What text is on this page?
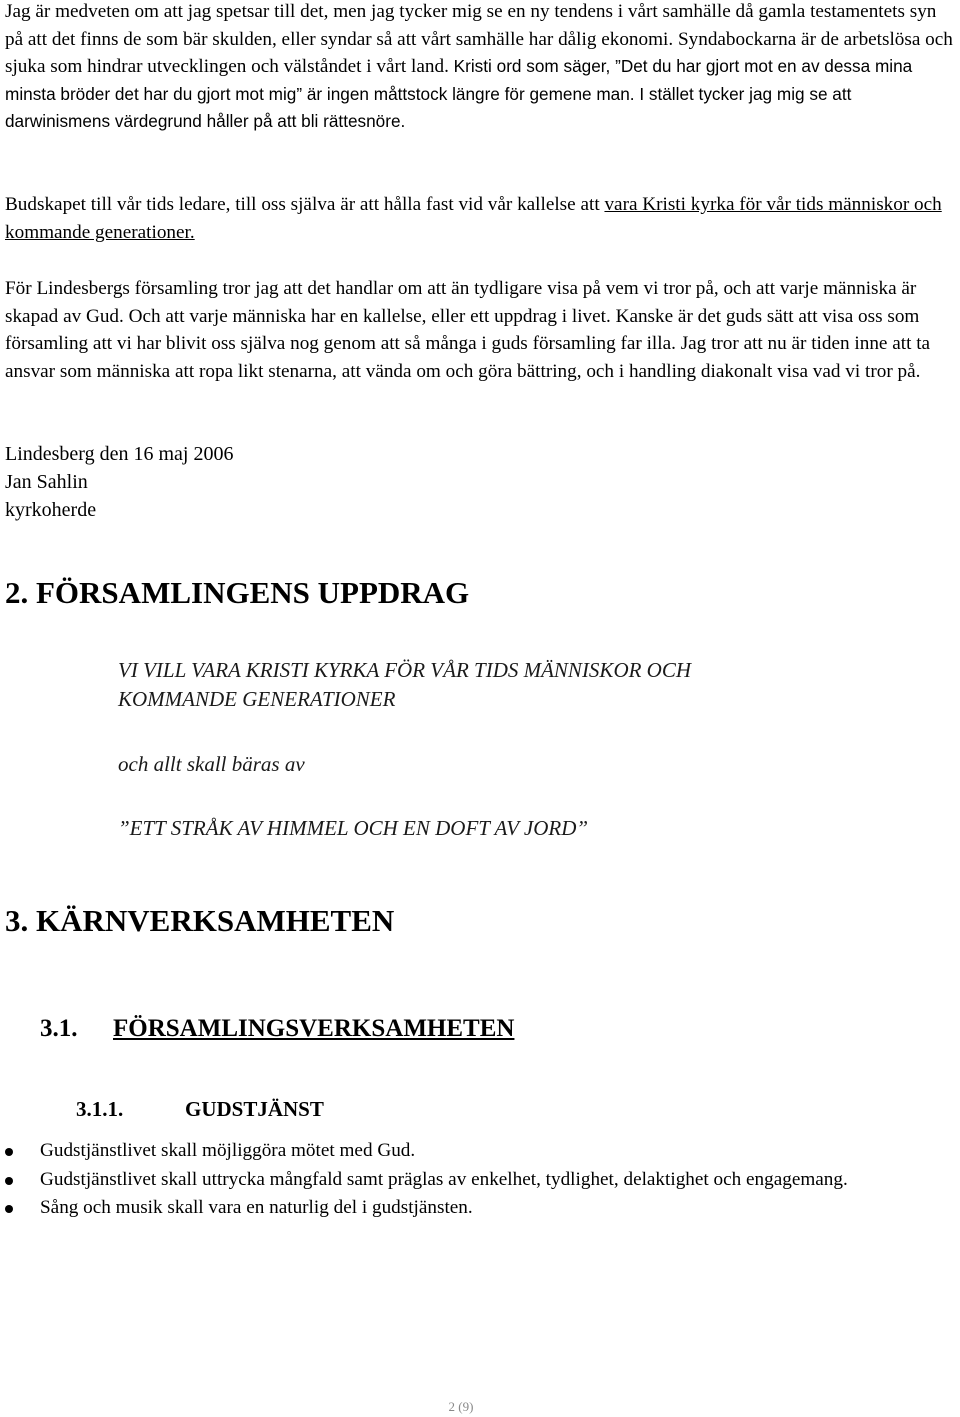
Jag är medveten om att jag spetsar till det, men jag tycker mig se en ny tendens i vårt samhälle då gamla testamentets syn på att det finns de som bär skulden, eller syndar så att vårt samhälle har dålig ekonomi. Syndabockarna är de arbetslösa och sjuka som hindrar utvecklingen och välståndet i vårt land. Kristi ord som säger, ”Det du har gjort mot en av dessa mina minsta bröder det har du gjort mot mig” är ingen måttstock längre för gemene man. I stället tycker jag mig se att darwinismens värdegrund håller på att bli rättesnöre.

Budskapet till vår tids ledare, till oss själva är att hålla fast vid vår kallelse att vara Kristi kyrka för vår tids människor och kommande generationer.

För Lindesbergs församling tror jag att det handlar om att än tydligare visa på vem vi tror på, och att varje människa är skapad av Gud. Och att varje människa har en kallelse, eller ett uppdrag i livet. Kanske är det guds sätt att visa oss som församling att vi har blivit oss själva nog genom att så många i guds församling far illa. Jag tror att nu är tiden inne att ta ansvar som människa att ropa likt stenarna, att vända om och göra bättring, och i handling diakonalt visa vad vi tror på.

Lindesberg den 16 maj 2006

Jan Sahlin

kyrkoherde

2. FÖRSAMLINGENS UPPDRAG

VI VILL VARA KRISTI KYRKA FÖR VÅR TIDS MÄNNISKOR OCH

KOMMANDE GENERATIONER

och allt skall bäras av

”ETT STRÅK AV HIMMEL OCH EN DOFT AV JORD”

3. KÄRNVERKSAMHETEN
3.1. FÖRSAMLINGSVERKSAMHETEN
3.1.1.	GUDSTJÄNST
Gudstjänstlivet skall möjliggöra mötet med Gud.
Gudstjänstlivet skall uttrycka mångfald samt präglas av enkelhet, tydlighet, delaktighet och engagemang.
Sång och musik skall vara en naturlig del i gudstjänsten.
2 (9)
